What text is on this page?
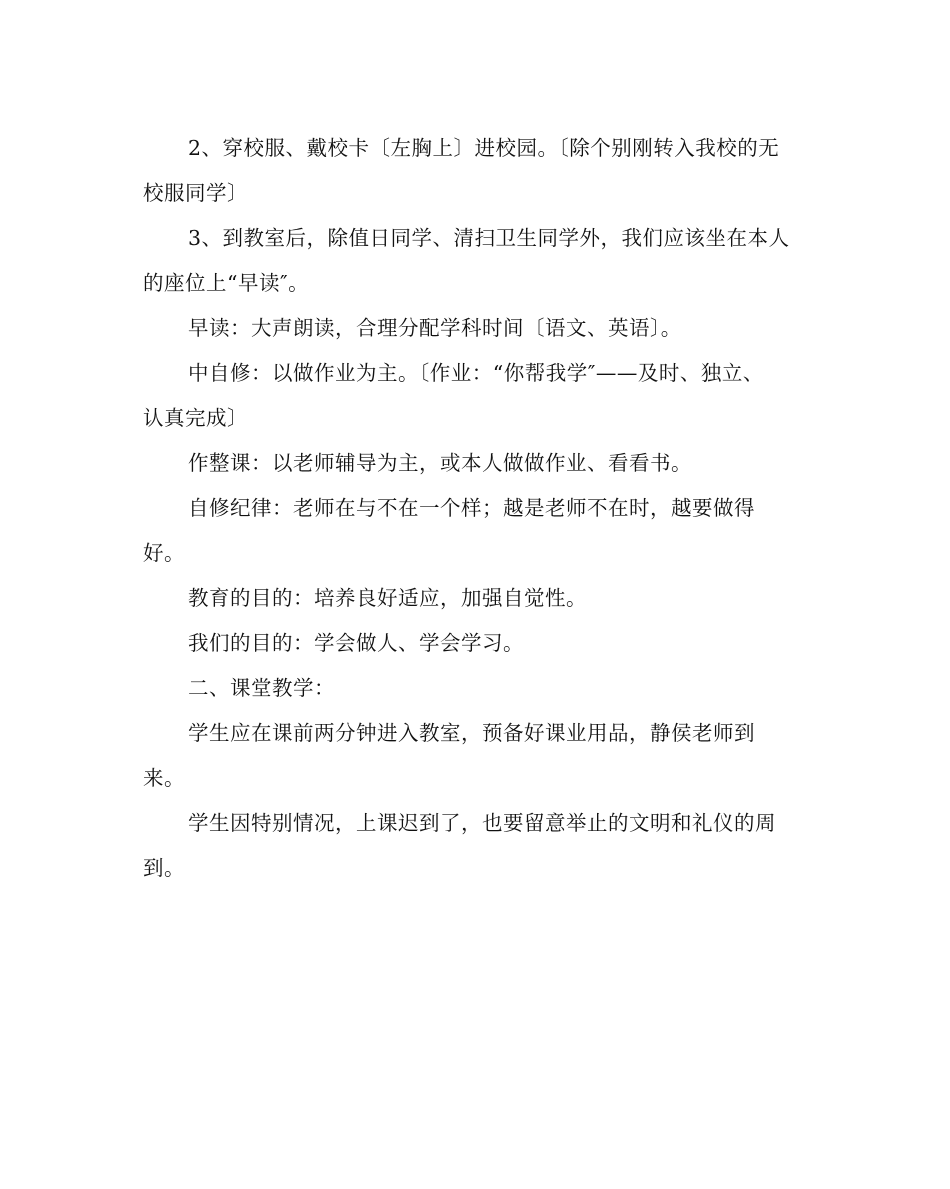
2、穿校服、戴校卡〔左胸上〕进校园。〔除个别刚转入我校的无
校服同学〕

3、到教室后，除值日同学、清扫卫生同学外，我们应该坐在本人
的座位上“早读″。

早读：大声朗读，合理分配学科时间〔语文、英语〕。

中自修：以做作业为主。〔作业：“你帮我学″——及时、独立、
认真完成〕

作整课：以老师辅导为主，或本人做做作业、看看书。

自修纪律：老师在与不在一个样；越是老师不在时，越要做得
好。

教育的目的：培养良好适应，加强自觉性。

我们的目的：学会做人、学会学习。

二、课堂教学：

学生应在课前两分钟进入教室，预备好课业用品，静侯老师到
来。

学生因特别情况，上课迟到了，也要留意举止的文明和礼仪的周
到。
